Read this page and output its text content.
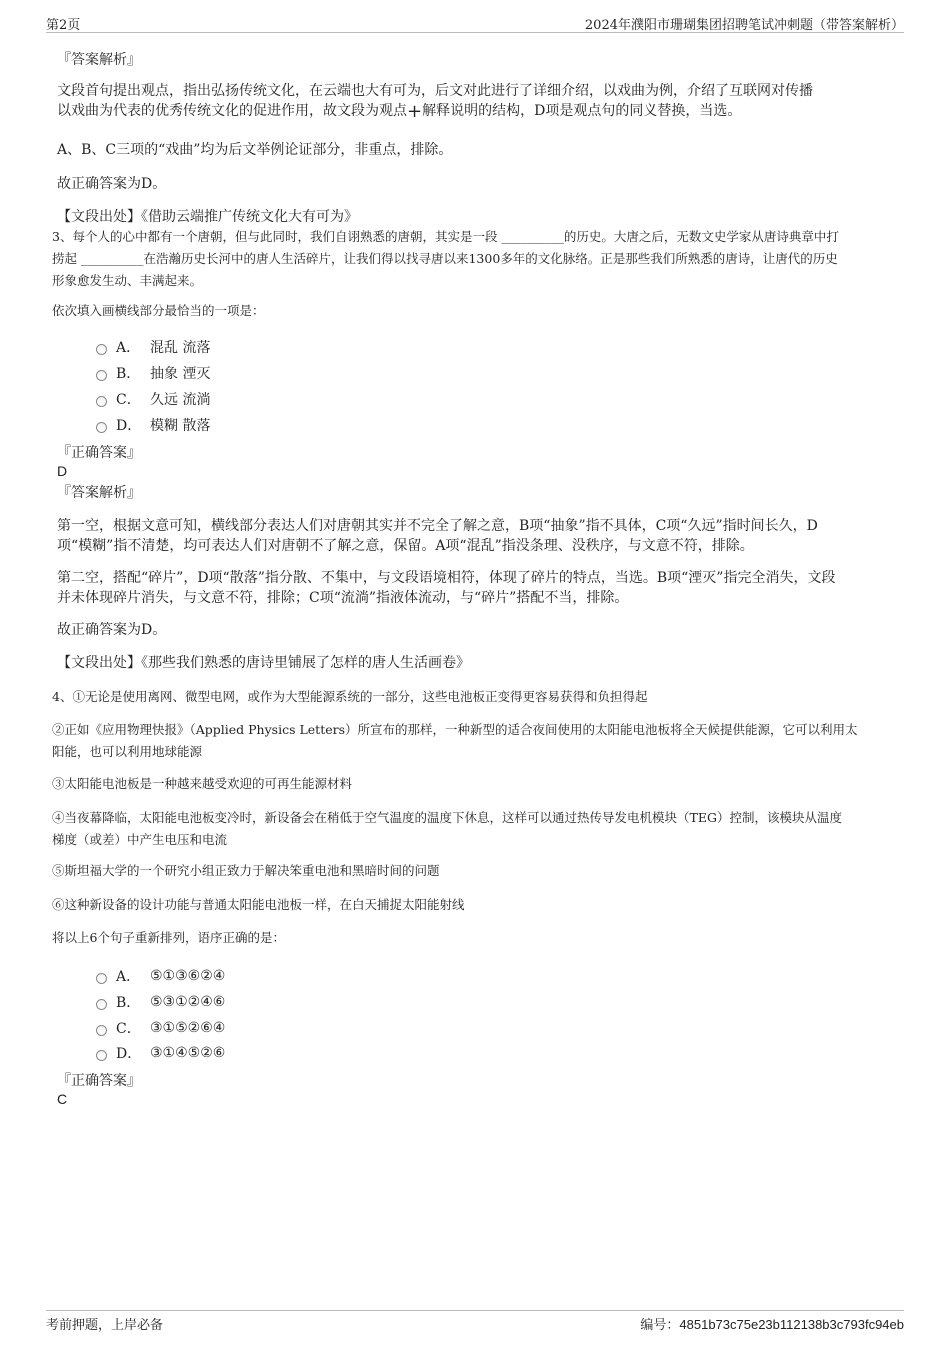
第2页	2024年濮阳市珊瑚集团招聘笔试冲刺题（带答案解析）
『答案解析』
文段首句提出观点，指出弘扬传统文化，在云端也大有可为，后文对此进行了详细介绍，以戏曲为例，介绍了互联网对传播
以戏曲为代表的优秀传统文化的促进作用，故文段为观点+解释说明的结构，D项是观点句的同义替换，当选。
A、B、C三项的“戏曲”均为后文举例论证部分，非重点，排除。
故正确答案为D。
【文段出处】《借助云端推广传统文化大有可为》
3、每个人的心中都有一个唐朝，但与此同时，我们自诩熟悉的唐朝，其实是一段 __________的历史。大唐之后，无数文史学家从唐诗典章中打
捞起 __________在浩瀚历史长河中的唐人生活碎片，让我们得以找寻唐以来1300多年的文化脉络。正是那些我们所熟悉的唐诗，让唐代的历史
形象愈发生动、丰满起来。
依次填入画横线部分最恰当的一项是：
A． 混乱 流落
B． 抽象 湮灭
C． 久远 流淌
D． 模糊 散落
『正确答案』
D
『答案解析』
第一空，根据文意可知，横线部分表达人们对唐朝其实并不完全了解之意，B项“抽象”指不具体，C项“久远”指时间长久，D
项“模糊”指不清楚，均可表达人们对唐朝不了解之意，保留。A项“混乱”指没条理、没秩序，与文意不符，排除。
第二空，搭配“碎片”，D项“散落”指分散、不集中，与文段语境相符，体现了碎片的特点，当选。B项“湮灭”指完全消失，文段
并未体现碎片消失，与文意不符，排除；C项“流淌”指液体流动，与“碎片”搭配不当，排除。
故正确答案为D。
【文段出处】《那些我们熟悉的唐诗里铺展了怎样的唐人生活画卷》
4、①无论是使用离网、微型电网，或作为大型能源系统的一部分，这些电池板正变得更容易获得和负担得起
②正如《应用物理快报》（Applied Physics Letters）所宣布的那样，一种新型的适合夜间使用的太阳能电池板将全天候提供能源，它可以利用太
阳能，也可以利用地球能源
③太阳能电池板是一种越来越受欢迎的可再生能源材料
④当夜幕降临，太阳能电池板变冷时，新设备会在稍低于空气温度的温度下休息，这样可以通过热传导发电机模块（TEG）控制，该模块从温度
梯度（或差）中产生电压和电流
⑤斯坦福大学的一个研究小组正致力于解决笨重电池和黑暗时间的问题
⑥这种新设备的设计功能与普通太阳能电池板一样，在白天捕捉太阳能射线
将以上6个句子重新排列，语序正确的是：
A． ⑤①③⑥②④
B． ⑤③①②④⑥
C． ③①⑤②⑥④
D． ③①④⑤②⑥
『正确答案』
C
考前押题，上岸必备	编号：4851b73c75e23b112138b3c793fc94eb
